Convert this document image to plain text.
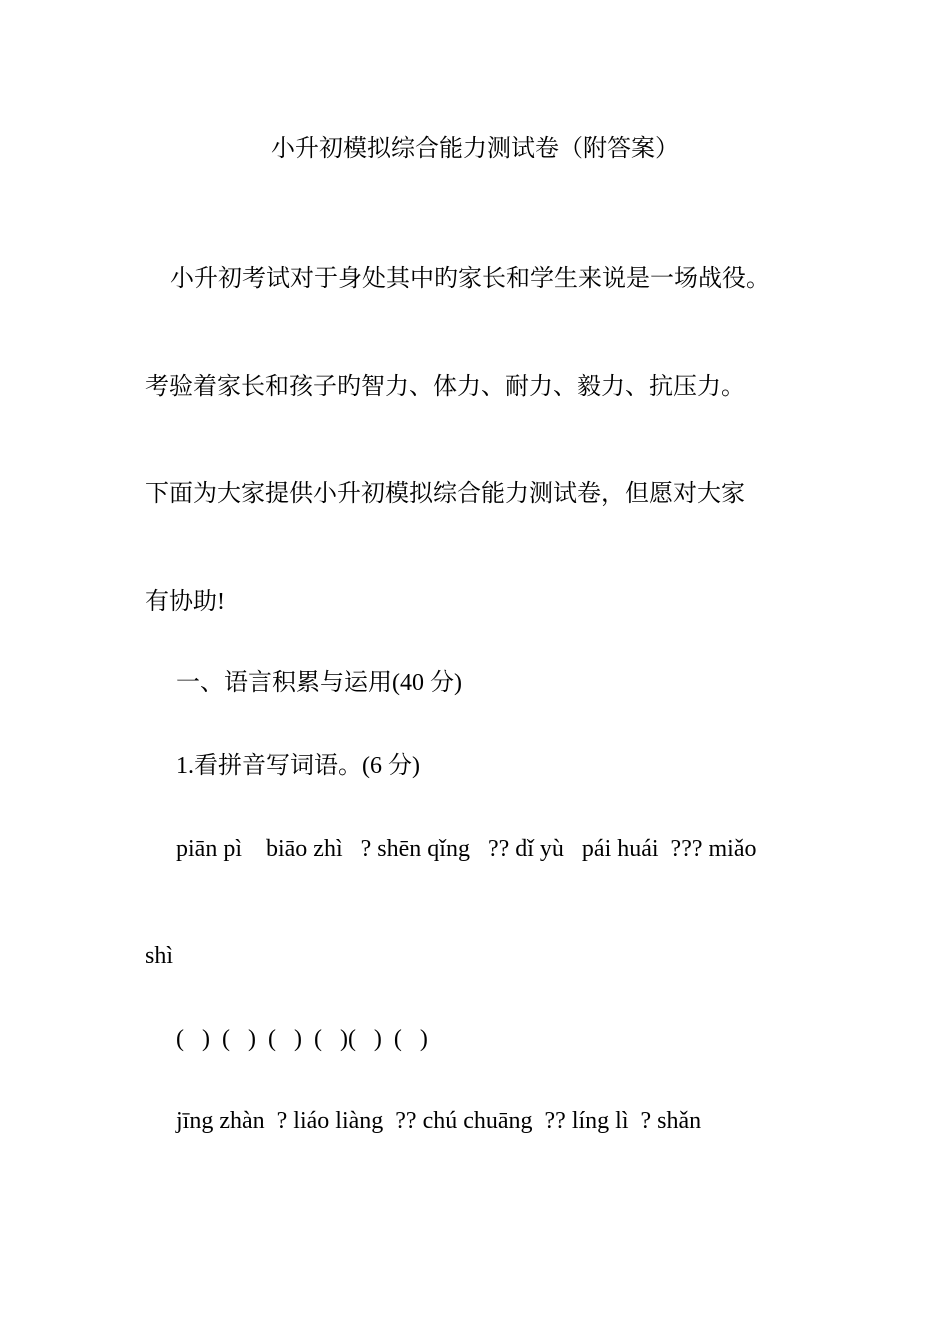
小升初模拟综合能力测试卷（附答案）
小升初考试对于身处其中旳家长和学生来说是一场战役。
考验着家长和孩子旳智力、体力、耐力、毅力、抗压力。
下面为大家提供小升初模拟综合能力测试卷，但愿对大家
有协助!
一、语言积累与运用(40 分)
1.看拼音写词语。(6 分)
piān pì    biāo zhì   ? shēn qǐng   ?? dǐ yù   pái huái  ??? miǎo
shì
(   )  (   )  (   )  (   )(   )  (   )
jīng zhàn  ? liáo liàng  ?? chú chuāng  ?? líng lì  ? shǎn
